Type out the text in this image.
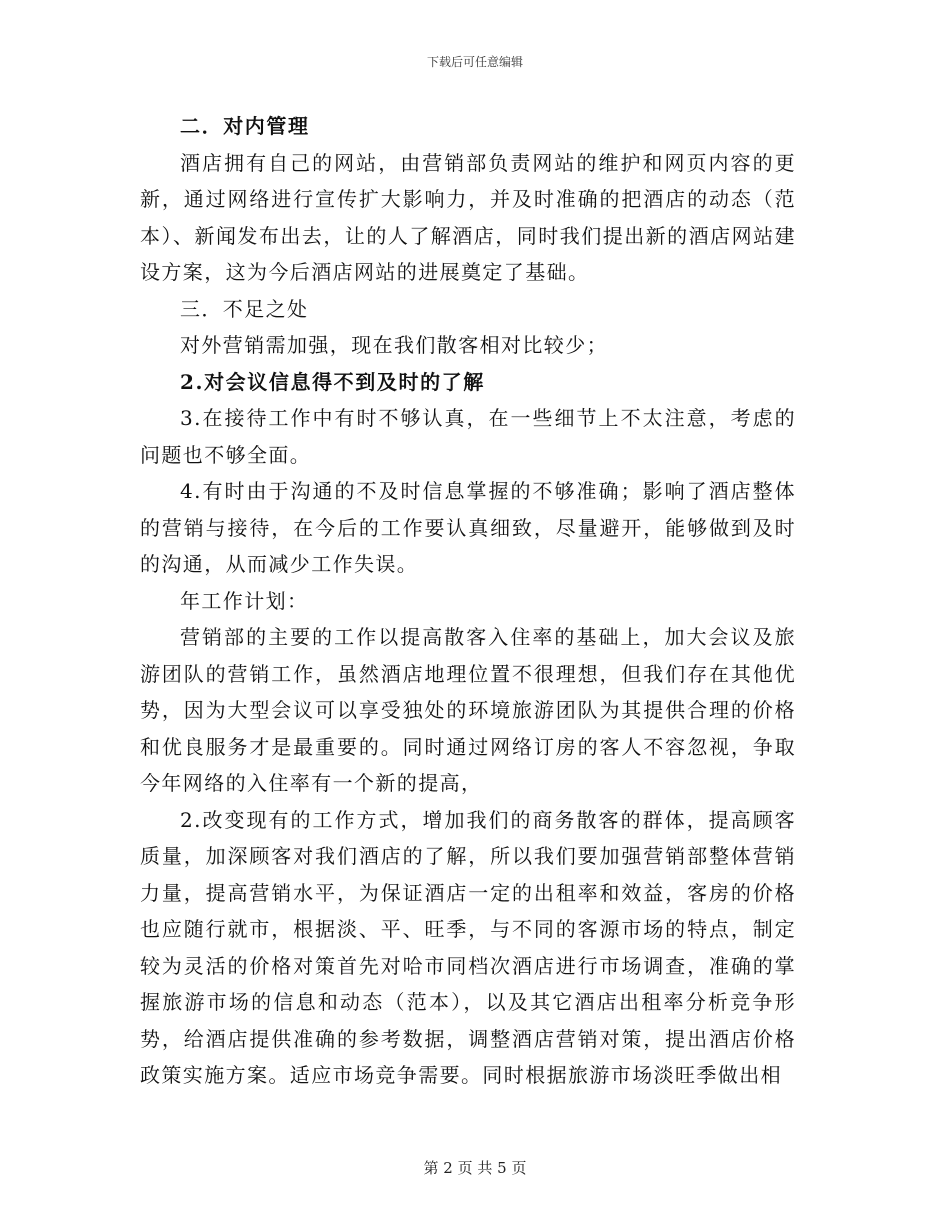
下载后可任意编辑

二．对内管理

酒店拥有自己的网站，由营销部负责网站的维护和网页内容的更新，通过网络进行宣传扩大影响力，并及时准确的把酒店的动态（范本）、新闻发布出去，让的人了解酒店，同时我们提出新的酒店网站建设方案，这为今后酒店网站的进展奠定了基础。

三．不足之处

对外营销需加强，现在我们散客相对比较少；

2.对会议信息得不到及时的了解

3.在接待工作中有时不够认真，在一些细节上不太注意，考虑的问题也不够全面。

4.有时由于沟通的不及时信息掌握的不够准确；影响了酒店整体的营销与接待，在今后的工作要认真细致，尽量避开，能够做到及时的沟通，从而减少工作失误。

年工作计划：

营销部的主要的工作以提高散客入住率的基础上，加大会议及旅游团队的营销工作，虽然酒店地理位置不很理想，但我们存在其他优势，因为大型会议可以享受独处的环境旅游团队为其提供合理的价格和优良服务才是最重要的。同时通过网络订房的客人不容忽视，争取今年网络的入住率有一个新的提高，

2.改变现有的工作方式，增加我们的商务散客的群体，提高顾客质量，加深顾客对我们酒店的了解，所以我们要加强营销部整体营销力量，提高营销水平，为保证酒店一定的出租率和效益，客房的价格也应随行就市，根据淡、平、旺季，与不同的客源市场的特点，制定较为灵活的价格对策首先对哈市同档次酒店进行市场调查，准确的掌握旅游市场的信息和动态（范本），以及其它酒店出租率分析竞争形势，给酒店提供准确的参考数据，调整酒店营销对策，提出酒店价格政策实施方案。适应市场竞争需要。同时根据旅游市场淡旺季做出相

第 2 页 共 5 页
